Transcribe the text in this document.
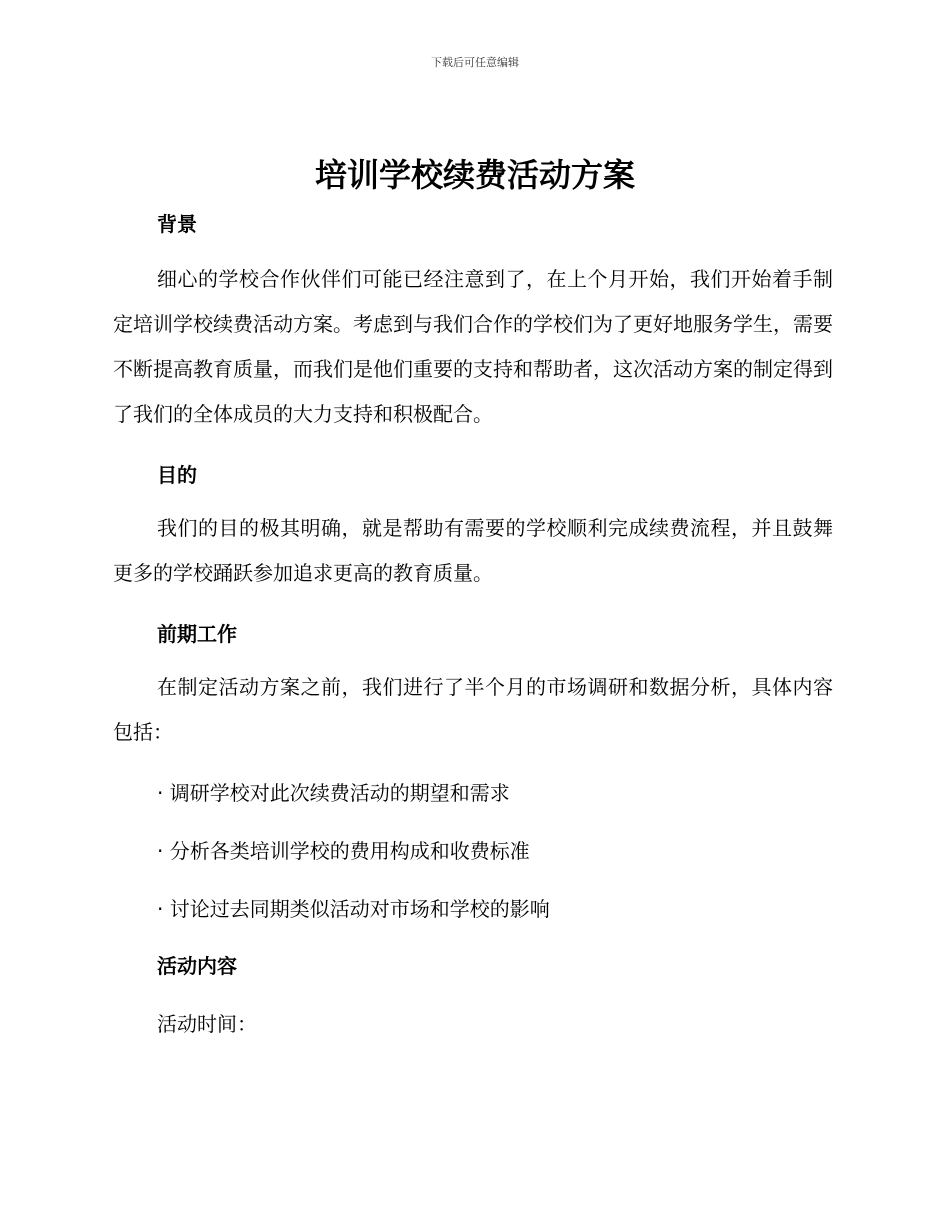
下载后可任意编辑
培训学校续费活动方案
背景
细心的学校合作伙伴们可能已经注意到了，在上个月开始，我们开始着手制定培训学校续费活动方案。考虑到与我们合作的学校们为了更好地服务学生，需要不断提高教育质量，而我们是他们重要的支持和帮助者，这次活动方案的制定得到了我们的全体成员的大力支持和积极配合。
目的
我们的目的极其明确，就是帮助有需要的学校顺利完成续费流程，并且鼓舞更多的学校踊跃参加追求更高的教育质量。
前期工作
在制定活动方案之前，我们进行了半个月的市场调研和数据分析，具体内容包括：
· 调研学校对此次续费活动的期望和需求
· 分析各类培训学校的费用构成和收费标准
· 讨论过去同期类似活动对市场和学校的影响
活动内容
活动时间：
